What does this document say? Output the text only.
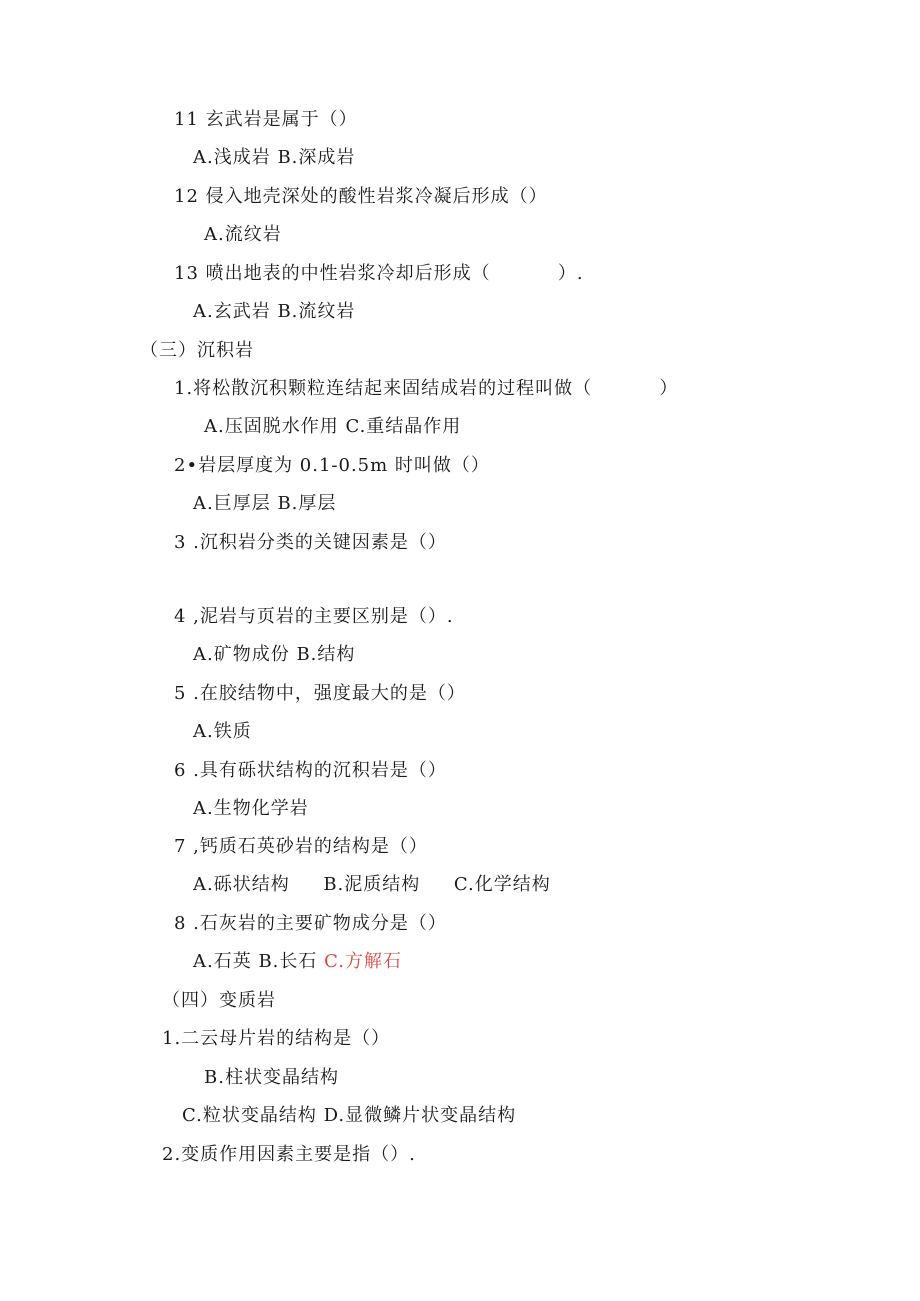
11 玄武岩是属于（）
A.浅成岩 B.深成岩
12 侵入地壳深处的酸性岩浆冷凝后形成（）
A.流纹岩
13 喷出地表的中性岩浆冷却后形成（          ）.
A.玄武岩 B.流纹岩
（三）沉积岩
1.将松散沉积颗粒连结起来固结成岩的过程叫做（          ）
A.压固脱水作用 C.重结晶作用
2•岩层厚度为 0.1-0.5m 时叫做（）
A.巨厚层 B.厚层
3 .沉积岩分类的关键因素是（）
4 ,泥岩与页岩的主要区别是（）.
A.矿物成份 B.结构
5 .在胶结物中，强度最大的是（）
A.铁质
6 .具有砾状结构的沉积岩是（）
A.生物化学岩
7 ,钙质石英砂岩的结构是（）
A.砾状结构     B.泥质结构     C.化学结构
8 .石灰岩的主要矿物成分是（）
A.石英 B.长石 C.方解石
（四）变质岩
1.二云母片岩的结构是（）
B.柱状变晶结构
C.粒状变晶结构 D.显微鳞片状变晶结构
2.变质作用因素主要是指（）.
